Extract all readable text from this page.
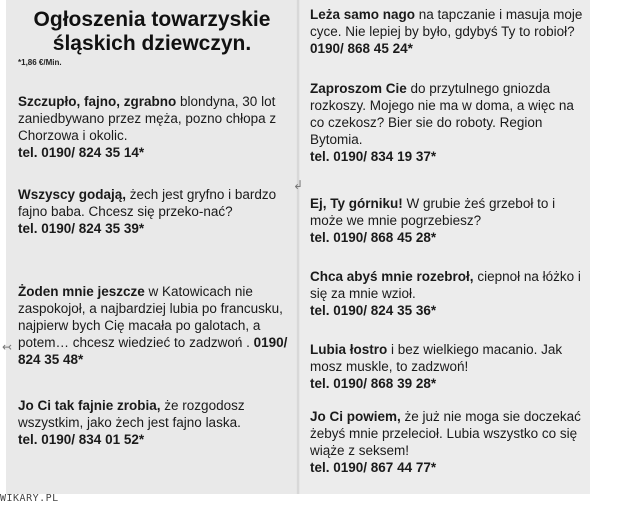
Ogłoszenia towarzyskie
śląskich dziewczyn.
*1,86 €/Min.
Szczupło, fajno, zgrabno blondyna, 30 lot zaniedbywano przez męża, pozno chłopa z Chorzowa i okolic.
tel. 0190/ 824 35 14*
Wszyscy godają, żech jest gryfno i bardzo fajno baba. Chcesz się przeko-nać?
tel. 0190/ 824 35 39*
Żoden mnie jeszcze w Katowicach nie zaspokojoł, a najbardziej lubia po francusku, najpierw bych Cię macała po galotach, a potem… chcesz wiedzieć to zadzwoń . 0190/ 824 35 48*
Jo Ci tak fajnie zrobia, że rozgodosz wszystkim, jako żech jest fajno laska.
tel. 0190/ 834 01 52*
Leża samo nago na tapczanie i masuja moje cyce. Nie lepiej by było, gdybyś Ty to robioł? 0190/ 868 45 24*
Zaproszom Cie do przytulnego gniozda rozkoszy. Mojego nie ma w doma, a więc na co czekosz? Bier sie do roboty. Region Bytomia.
tel. 0190/ 834 19 37*
Ej, Ty górniku! W grubie żeś grzeboł to i może we mnie pogrzebiesz?
tel. 0190/ 868 45 28*
Chca abyś mnie rozebroł, ciepnoł na łóżko i się za mnie wzioł.
tel. 0190/ 824 35 36*
Lubia łostro i bez wielkiego macanio. Jak mosz muskle, to zadzwoń!
tel. 0190/ 868 39 28*
Jo Ci powiem, że już nie moga sie doczekać żebyś mnie przelecioł. Lubia wszystko co się wiąże z seksem!
tel. 0190/ 867 44 77*
↲
↢
WIKARY.PL
